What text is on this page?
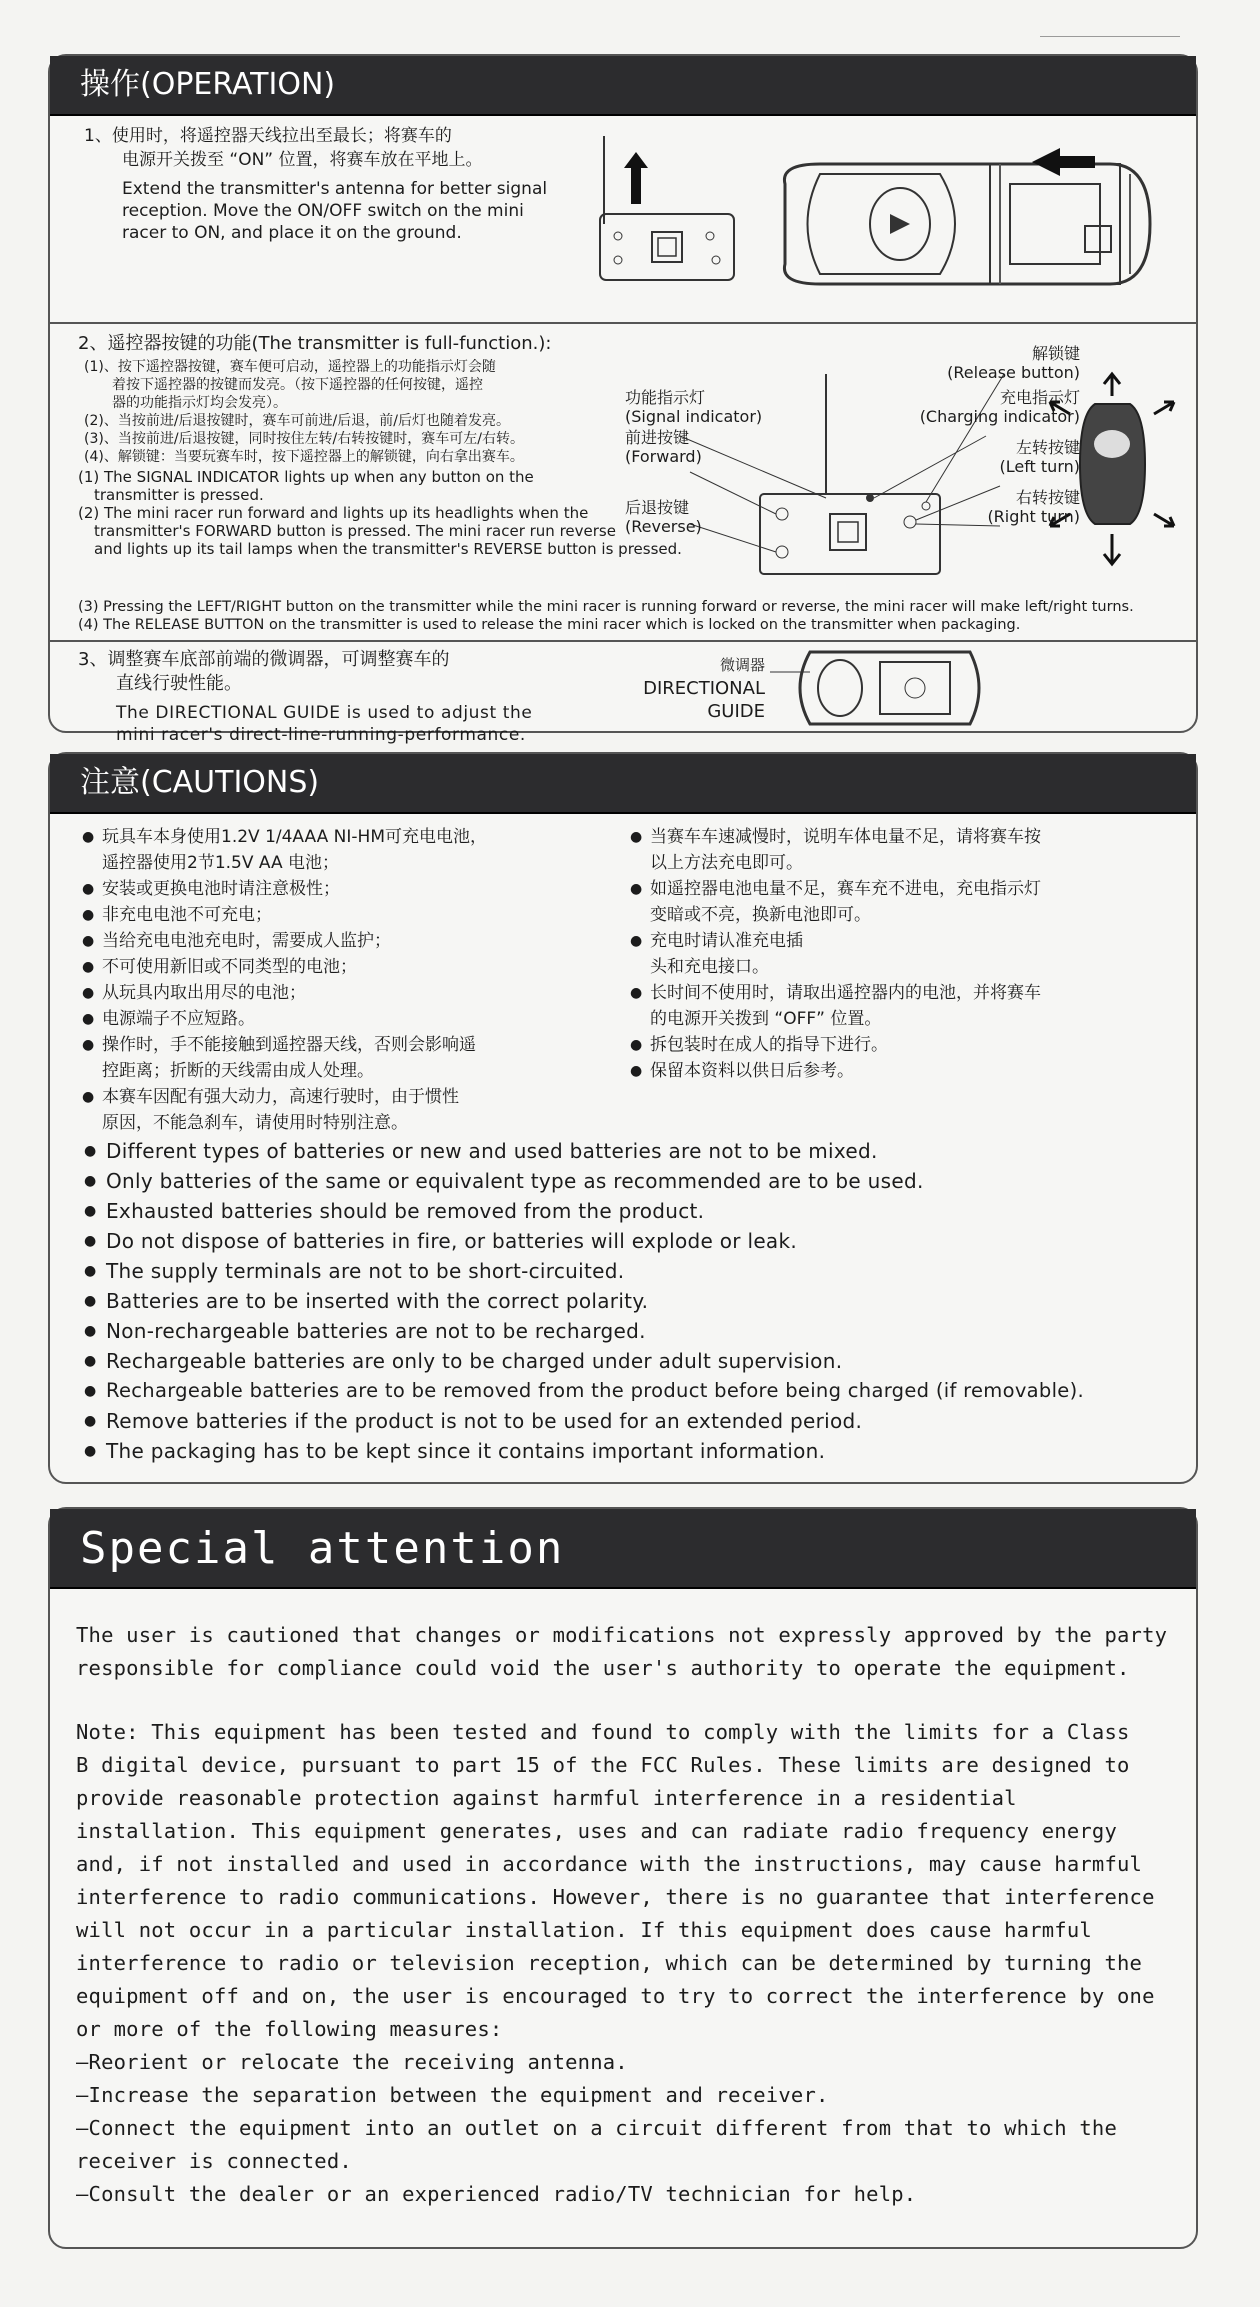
操作(OPERATION)

1、使用时，将遥控器天线拉出至最长；将赛车的

电源开关拨至 “ON” 位置，将赛车放在平地上。

Extend the transmitter's antenna for better signal

reception. Move the ON/OFF switch on the mini

racer to ON, and place it on the ground.

2、遥控器按键的功能(The transmitter is full-function.):

(1)、按下遥控器按键，赛车便可启动，遥控器上的功能指示灯会随

着按下遥控器的按键而发亮。（按下遥控器的任何按键，遥控

器的功能指示灯均会发亮）。

(2)、当按前进/后退按键时，赛车可前进/后退，前/后灯也随着发亮。

(3)、当按前进/后退按键，同时按住左转/右转按键时，赛车可左/右转。

(4)、解锁键：当要玩赛车时，按下遥控器上的解锁键，向右拿出赛车。

(1) The SIGNAL INDICATOR lights up when any button on the

transmitter is pressed.

(2) The mini racer run forward and lights up its headlights when the

transmitter's FORWARD button is pressed. The mini racer run reverse

and lights up its tail lamps when the transmitter's REVERSE button is pressed.

(3) Pressing the LEFT/RIGHT button on the transmitter while the mini racer is running forward or reverse, the mini racer will make left/right turns.

(4) The RELEASE BUTTON on the transmitter is used to release the mini racer which is locked on the transmitter when packaging.

功能指示灯
(Signal indicator)
前进按键
(Forward)
后退按键
(Reverse)
解锁键
(Release button)
充电指示灯
(Charging indicator)
左转按键
(Left turn)
右转按键
(Right turn)

3、调整赛车底部前端的微调器，可调整赛车的

直线行驶性能。

The DIRECTIONAL GUIDE is used to adjust the

mini racer's direct-line-running-performance.

微调器
DIRECTIONAL
GUIDE
注意(CAUTIONS)
● 玩具车本身使用1.2V 1/4AAA NI-HM可充电电池，
遥控器使用2节1.5V AA 电池；
● 安装或更换电池时请注意极性；
● 非充电电池不可充电；
● 当给充电电池充电时，需要成人监护；
● 不可使用新旧或不同类型的电池；
● 从玩具内取出用尽的电池；
● 电源端子不应短路。
● 操作时，手不能接触到遥控器天线，否则会影响遥
控距离；折断的天线需由成人处理。
● 本赛车因配有强大动力，高速行驶时，由于惯性
原因，不能急刹车，请使用时特别注意。
● 当赛车车速减慢时，说明车体电量不足，请将赛车按
以上方法充电即可。
● 如遥控器电池电量不足，赛车充不进电，充电指示灯
变暗或不亮，换新电池即可。
● 充电时请认准充电插
头和充电接口。
● 长时间不使用时，请取出遥控器内的电池，并将赛车
的电源开关拨到 “OFF” 位置。
● 拆包装时在成人的指导下进行。
● 保留本资料以供日后参考。
● Different types of batteries or new and used batteries are not to be mixed.
● Only batteries of the same or equivalent type as recommended are to be used.
● Exhausted batteries should be removed from the product.
● Do not dispose of batteries in fire, or batteries will explode or leak.
● The supply terminals are not to be short-circuited.
● Batteries are to be inserted with the correct polarity.
● Non-rechargeable batteries are not to be recharged.
● Rechargeable batteries are only to be charged under adult supervision.
● Rechargeable batteries are to be removed from the product before being charged (if removable).
● Remove batteries if the product is not to be used for an extended period.
● The packaging has to be kept since it contains important information.
Special attention

The user is cautioned that changes or modifications not expressly approved by the party

responsible for compliance could void the user's authority to operate the equipment.

Note: This equipment has been tested and found to comply with the limits for a Class

B digital device, pursuant to part 15 of the FCC Rules. These limits are designed to

provide reasonable protection against harmful interference in a residential

installation. This equipment generates, uses and can radiate radio frequency energy

and, if not installed and used in accordance with the instructions, may cause harmful

interference to radio communications. However, there is no guarantee that interference

will not occur in a particular installation. If this equipment does cause harmful

interference to radio or television reception, which can be determined by turning the

equipment off and on, the user is encouraged to try to correct the interference by one

or more of the following measures:

—Reorient or relocate the receiving antenna.

—Increase the separation between the equipment and receiver.

—Connect the equipment into an outlet on a circuit different from that to which the

receiver is connected.

—Consult the dealer or an experienced radio/TV technician for help.
